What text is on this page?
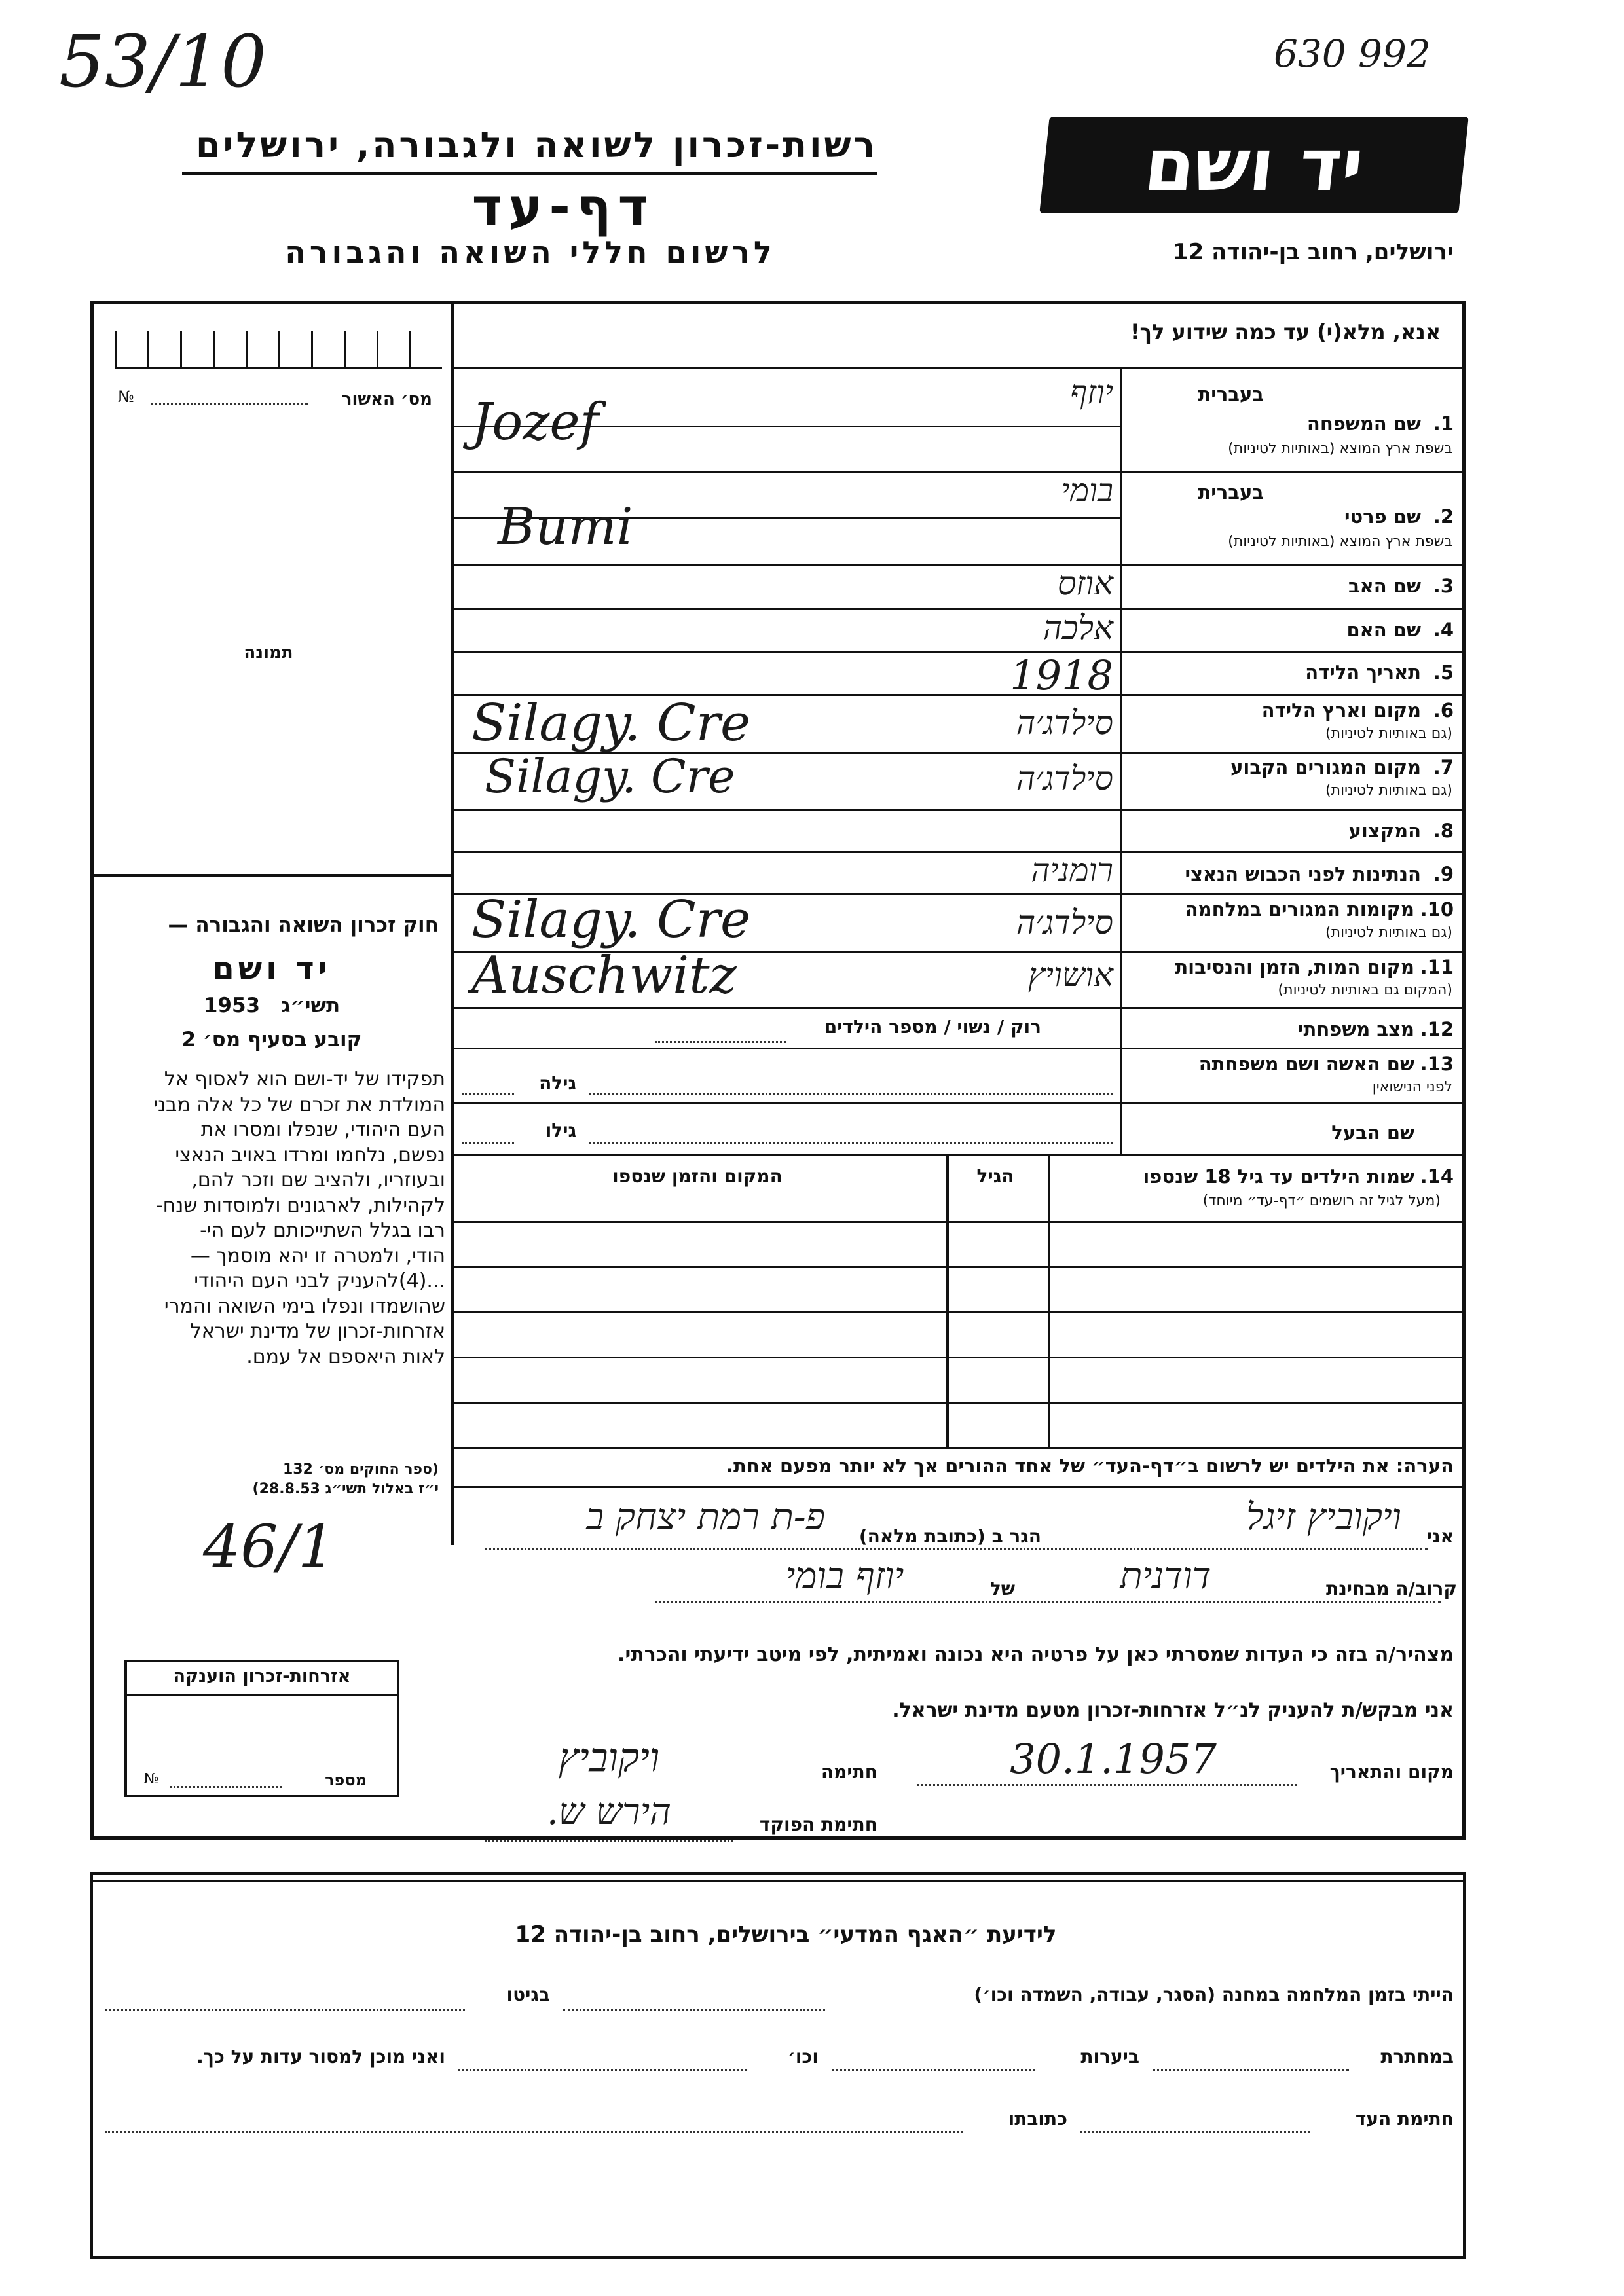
53/10	630 992
46/1
רשות-זכרון לשואה ולגבורה, ירושלים
דף-עד
לרשום חללי השואה והגבורה
יד ושם
ירושלים, רחוב בן-יהודה 12
אנא, מלא(י) עד כמה שידוע לך!
מס׳ האשור
№
תמונה
חוק זכרון השואה והגבורה —
יד ושם
1953 תשי״ג
קובע בסעיף מס׳ 2
תפקידו של יד-ושם הוא לאסוף אל
המולדת את זכרם של כל אלה מבני
העם היהודי, שנפלו ומסרו את
נפשם, נלחמו ומרדו באויב הנאצי
ובעוזריו, ולהציב שם וזכר להם,
לקהילות, לארגונים ולמוסדות שנח-
רבו בגלל השתייכותם לעם הי-
הודי, ולמטרה זו יהא מוסמך —
...(4)להעניק לבני העם היהודי
שהושמדו ונפלו בימי השואה והמרי
אזרחות-זכרון של מדינת ישראל
לאות היאספם אל עמם.
(ספר החוקים מס׳ 132
י״ז באלול תשי״ג 28.8.53)
בעברית
1.
שם המשפחה
בשפת ארץ המוצא (באותיות לטיניות)
יוזף
Jozef
בעברית
2.
שם פרטי
בשפת ארץ המוצא (באותיות לטיניות)
בומי
Bumi
3.
שם האב
אוזס
4.
שם האם
אלכה
5.
תאריך הלידה
1918
6.
מקום וארץ הלידה
(גם באותיות לטיניות)
סילדג׳ה
Silagy. Cre
7.
מקום המגורים הקבוע
(גם באותיות לטיניות)
סילדג׳ה
Silagy. Cre
8.
המקצוע
9.
הנתינות לפני הכבוש הנאצי
רומניה
10.
מקומות המגורים במלחמה
(גם באותיות לטיניות)
סילדג׳ה
Silagy. Cre
11.
מקום המות, הזמן והנסיבות
(המקום גם באותיות לטיניות)
אושויץ
Auschwitz
12.
מצב משפחתי
רוק / נשוי / מספר הילדים
13.
שם האשה ושם משפחתה
לפני הנישואין
גילה
שם הבעל
גילו
14.
שמות הילדים עד גיל 18 שנספו
(מעל לגיל זה רושמים ״דף-עד״ מיוחד)
הגיל
המקום והזמן שנספו
הערה: את הילדים יש לרשום ב״דף-העד״ של אחד ההורים אך לא יותר מפעם אחת.
אני
ויקוביץ זיגל
הגר ב (כתובת מלאה)
פ-ת רמת יצחק ב
קרוב/ה מבחינת
דודנית
של
יוזף בומי
מצהיר/ה בזה כי העדות שמסרתי כאן על פרטיה היא נכונה ואמיתית, לפי מיטב ידיעתי והכרתי.
אני מבקש/ת להעניק לנ״ל אזרחות-זכרון מטעם מדינת ישראל.
מקום והתאריך
30.1.1957
חתימה
ויקוביץ
חתימת הפוקד
הירש ש.
אזרחות-זכרון הוענקה
מספר
№
לידיעת ״האגף המדעי״ בירושלים, רחוב בן-יהודה 12
הייתי בזמן המלחמה במחנה (הסגר, עבודה, השמדה וכו׳)
בגיטו
במחתרת
ביערות
וכו׳
ואני מוכן למסור עדות על כך.
חתימת העד
כתובתו
